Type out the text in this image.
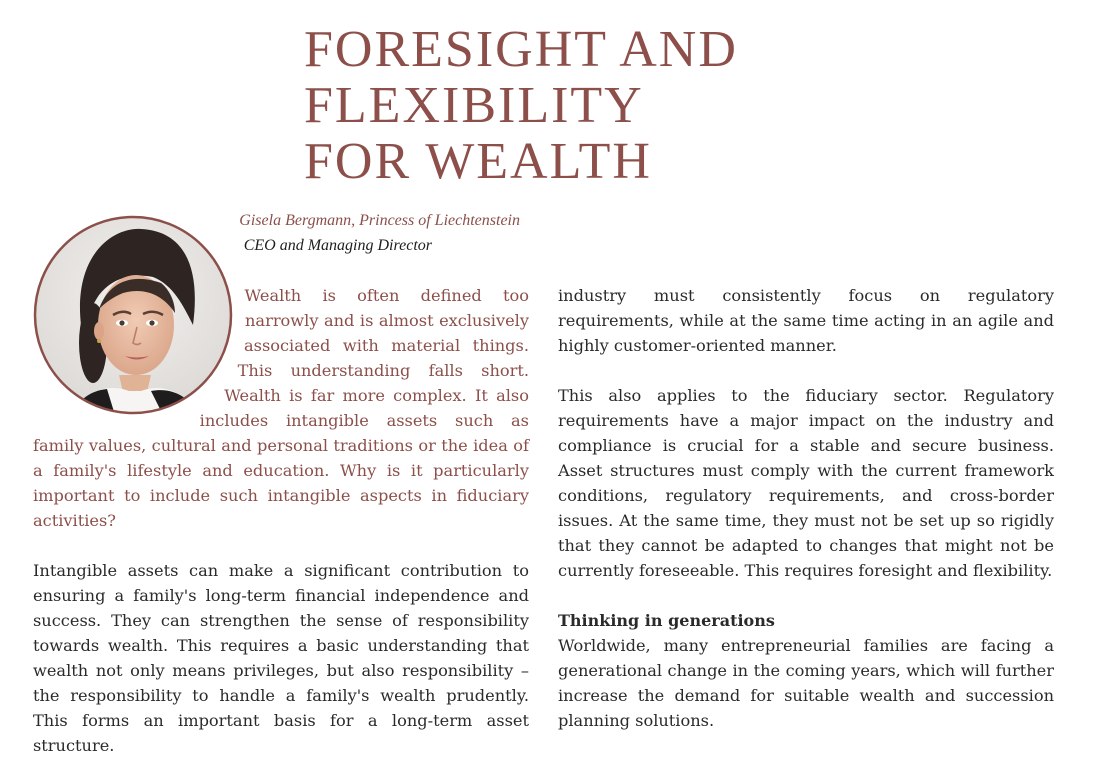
FORESIGHT AND FLEXIBILITY
FOR WEALTH
Gisela Bergmann, Princess of Liechtenstein
CEO and Managing Director

Wealth is often defined too narrowly and is almost exclusively associated with material things. This understanding falls short. Wealth is far more complex. It also includes intangible assets such as family values, cultural and personal traditions or the idea of a family's lifestyle and education. Why is it particularly important to include such intangible aspects in fiduciary activities?

Intangible assets can make a significant contribution to ensuring a family's long-term financial independence and success. They can strengthen the sense of responsibility towards wealth. This requires a basic understanding that wealth not only means privileges, but also responsibility – the responsibility to handle a family's wealth prudently. This forms an important basis for a long-term asset structure.

industry must consistently focus on regulatory requirements, while at the same time acting in an agile and highly customer-oriented manner.

This also applies to the fiduciary sector. Regulatory requirements have a major impact on the industry and compliance is crucial for a stable and secure business. Asset structures must comply with the current framework conditions, regulatory requirements, and cross-border issues. At the same time, they must not be set up so rigidly that they cannot be adapted to changes that might not be currently foreseeable. This requires foresight and flexibility.

Thinking in generations

Worldwide, many entrepreneurial families are facing a generational change in the coming years, which will further increase the demand for suitable wealth and succession planning solutions.
